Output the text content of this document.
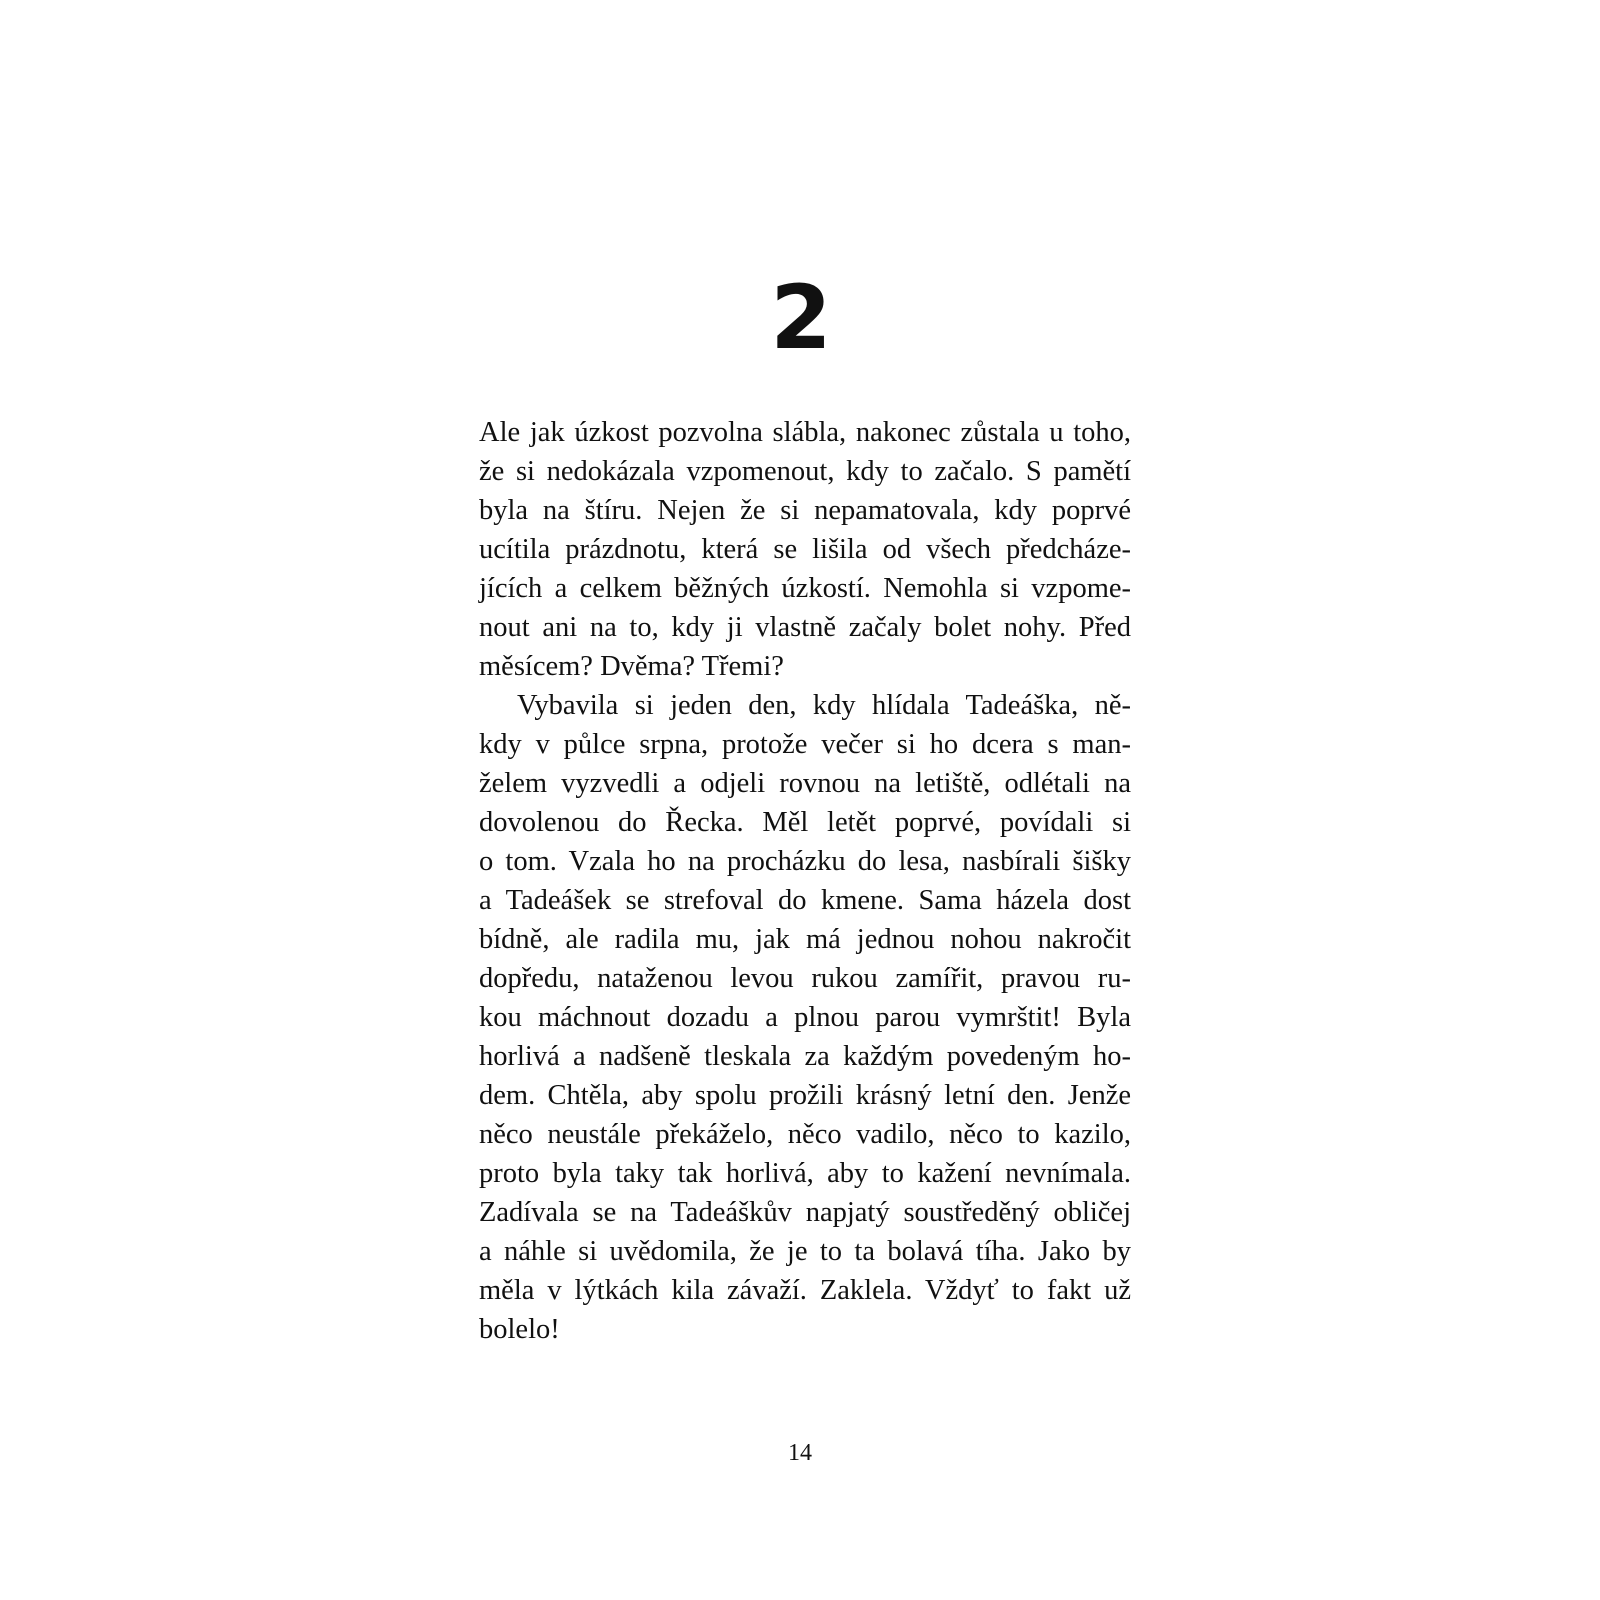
2
Ale jak úzkost pozvolna slábla, nakonec zůstala u toho,
že si nedokázala vzpomenout, kdy to začalo. S pamětí
byla na štíru. Nejen že si nepamatovala, kdy poprvé
ucítila prázdnotu, která se lišila od všech předcháze-
jících a celkem běžných úzkostí. Nemohla si vzpome-
nout ani na to, kdy ji vlastně začaly bolet nohy. Před
měsícem? Dvěma? Třemi?
Vybavila si jeden den, kdy hlídala Tadeáška, ně-
kdy v půlce srpna, protože večer si ho dcera s man-
želem vyzvedli a odjeli rovnou na letiště, odlétali na
dovolenou do Řecka. Měl letět poprvé, povídali si
o tom. Vzala ho na procházku do lesa, nasbírali šišky
a Tadeášek se strefoval do kmene. Sama házela dost
bídně, ale radila mu, jak má jednou nohou nakročit
dopředu, nataženou levou rukou zamířit, pravou ru-
kou máchnout dozadu a plnou parou vymrštit! Byla
horlivá a nadšeně tleskala za každým povedeným ho-
dem. Chtěla, aby spolu prožili krásný letní den. Jenže
něco neustále překáželo, něco vadilo, něco to kazilo,
proto byla taky tak horlivá, aby to kažení nevnímala.
Zadívala se na Tadeáškův napjatý soustředěný obličej
a náhle si uvědomila, že je to ta bolavá tíha. Jako by
měla v lýtkách kila závaží. Zaklela. Vždyť to fakt už
bolelo!
14
